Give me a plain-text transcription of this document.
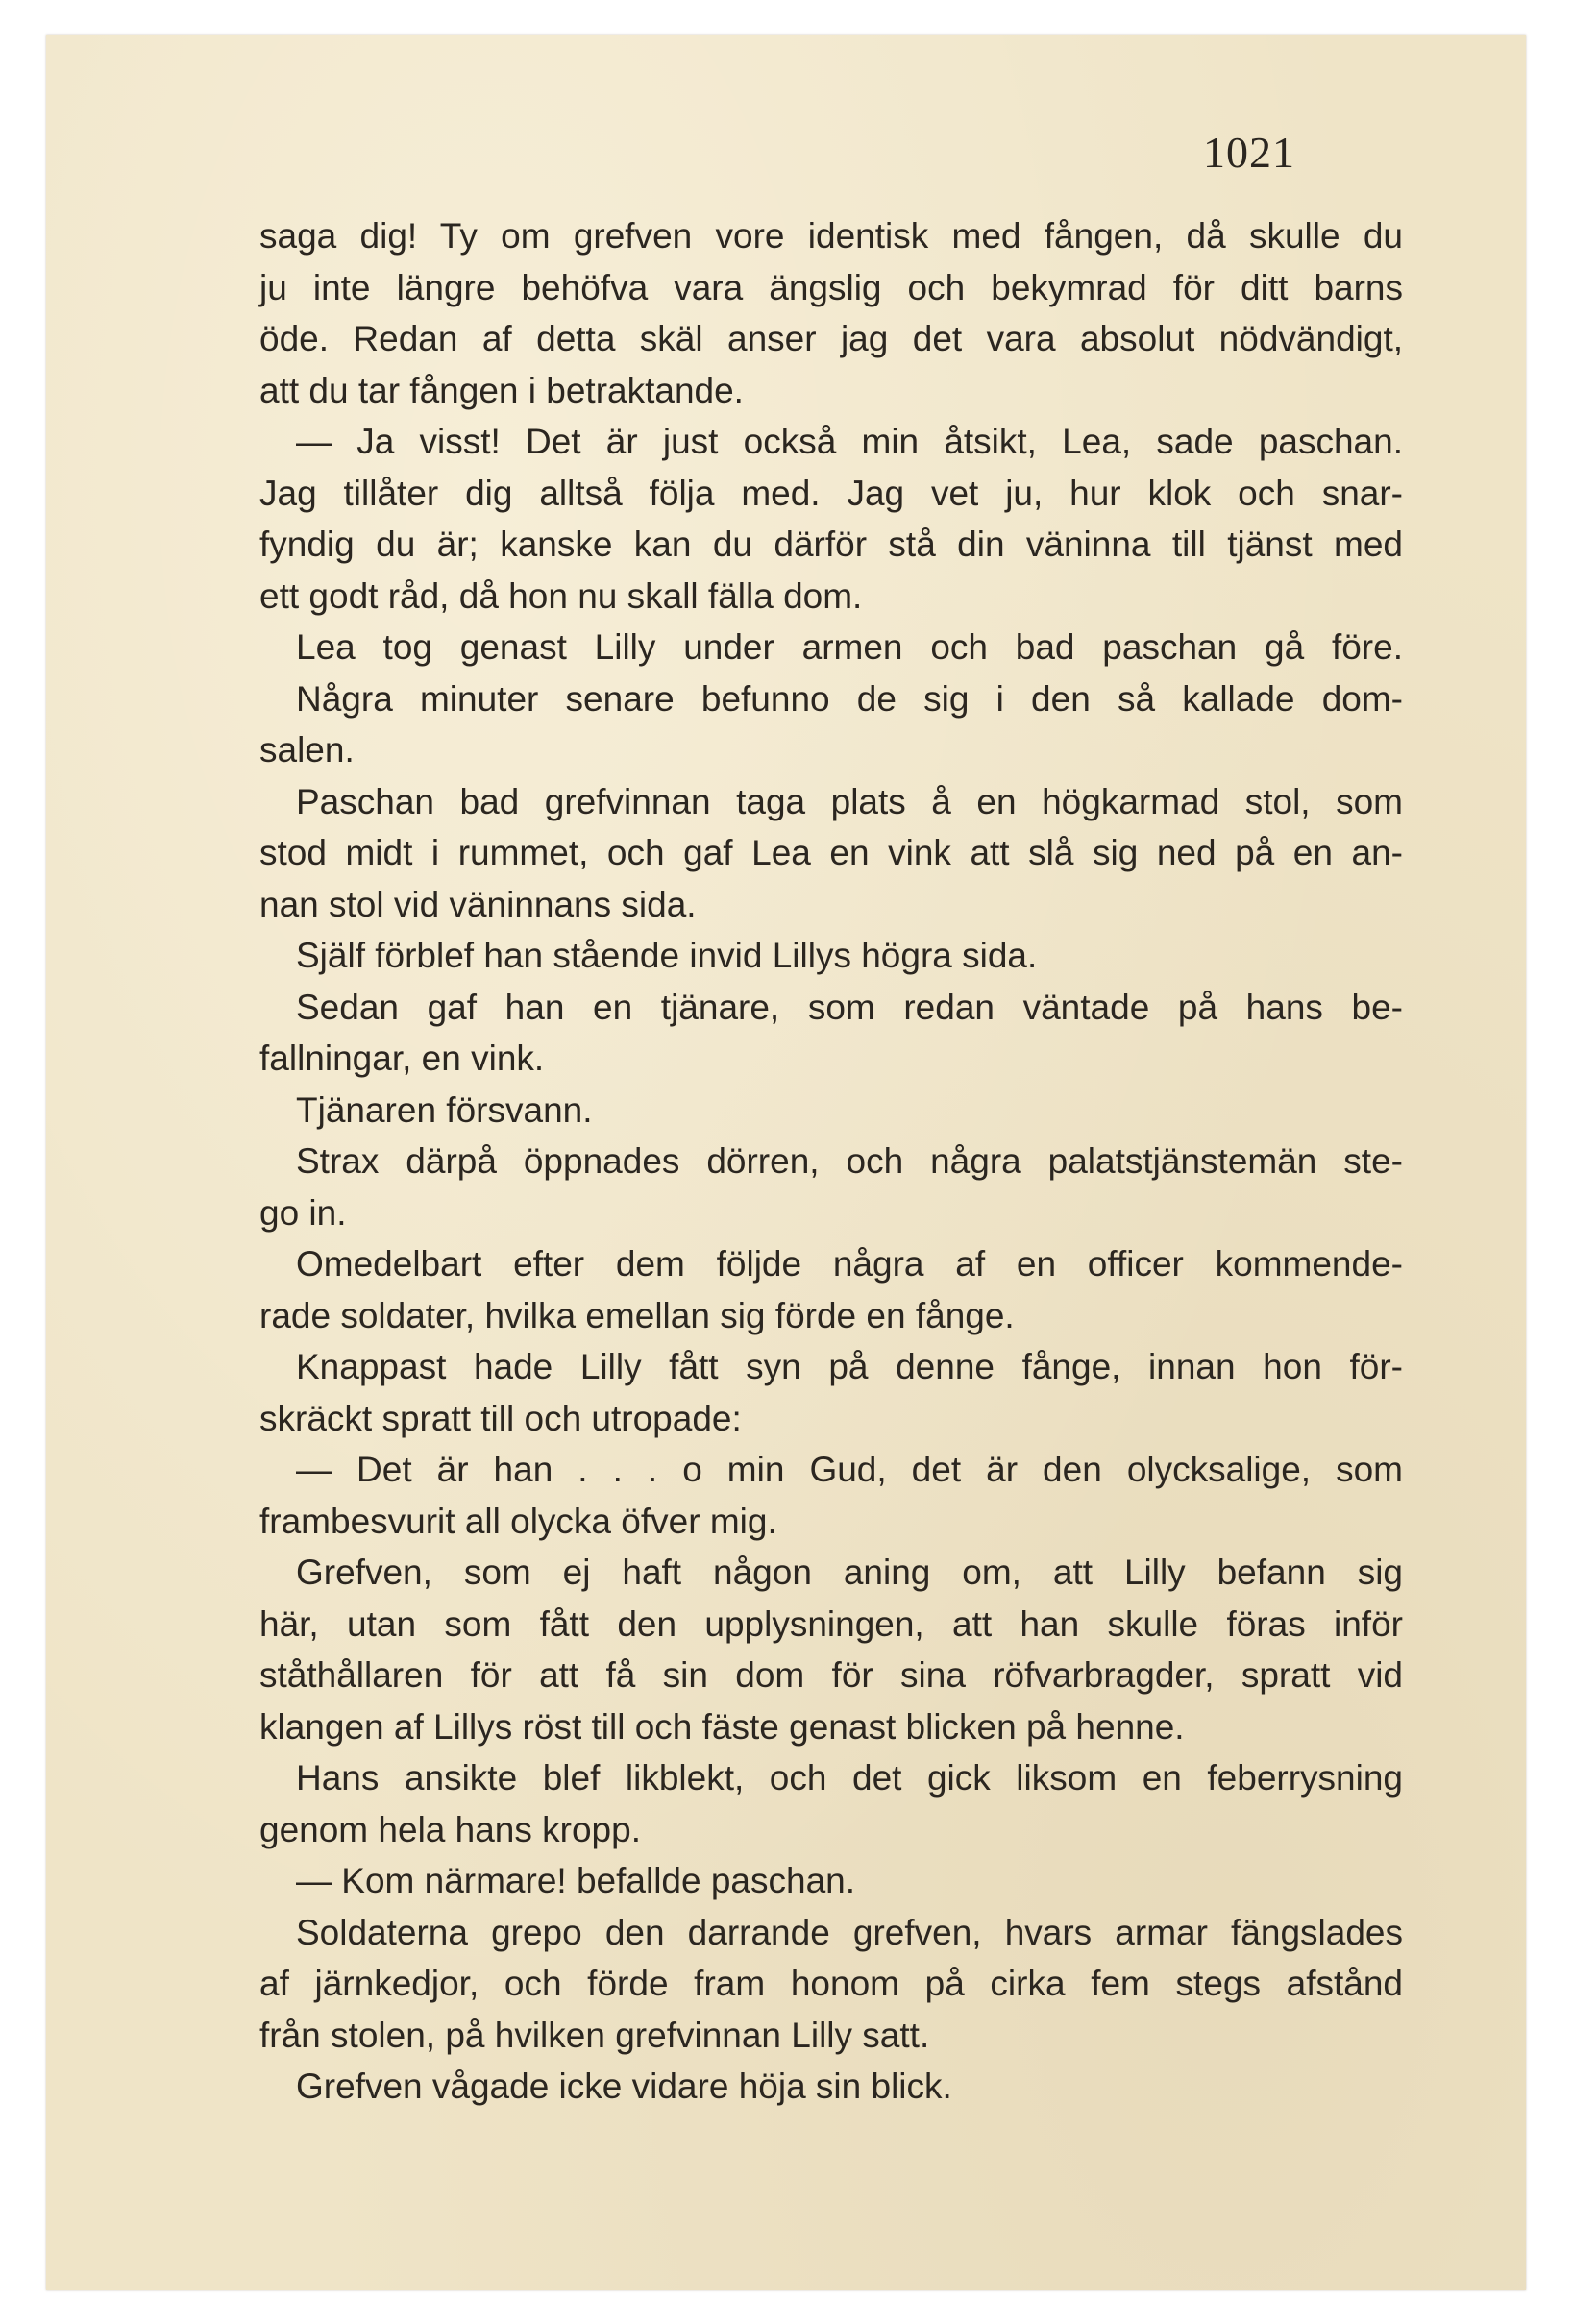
1021
saga dig! Ty om grefven vore identisk med fången, då skulle du
ju inte längre behöfva vara ängslig och bekymrad för ditt barns
öde. Redan af detta skäl anser jag det vara absolut nödvändigt,
att du tar fången i betraktande.
— Ja visst! Det är just också min åtsikt, Lea, sade paschan.
Jag tillåter dig alltså följa med. Jag vet ju, hur klok och snar-
fyndig du är; kanske kan du därför stå din väninna till tjänst med
ett godt råd, då hon nu skall fälla dom.
Lea tog genast Lilly under armen och bad paschan gå före.
Några minuter senare befunno de sig i den så kallade dom-
salen.
Paschan bad grefvinnan taga plats å en högkarmad stol, som
stod midt i rummet, och gaf Lea en vink att slå sig ned på en an-
nan stol vid väninnans sida.
Själf förblef han stående invid Lillys högra sida.
Sedan gaf han en tjänare, som redan väntade på hans be-
fallningar, en vink.
Tjänaren försvann.
Strax därpå öppnades dörren, och några palatstjänstemän ste-
go in.
Omedelbart efter dem följde några af en officer kommende-
rade soldater, hvilka emellan sig förde en fånge.
Knappast hade Lilly fått syn på denne fånge, innan hon för-
skräckt spratt till och utropade:
— Det är han . . . o min Gud, det är den olycksalige, som
frambesvurit all olycka öfver mig.
Grefven, som ej haft någon aning om, att Lilly befann sig
här, utan som fått den upplysningen, att han skulle föras inför
ståthållaren för att få sin dom för sina röfvarbragder, spratt vid
klangen af Lillys röst till och fäste genast blicken på henne.
Hans ansikte blef likblekt, och det gick liksom en feberrysning
genom hela hans kropp.
— Kom närmare! befallde paschan.
Soldaterna grepo den darrande grefven, hvars armar fängslades
af järnkedjor, och förde fram honom på cirka fem stegs afstånd
från stolen, på hvilken grefvinnan Lilly satt.
Grefven vågade icke vidare höja sin blick.
